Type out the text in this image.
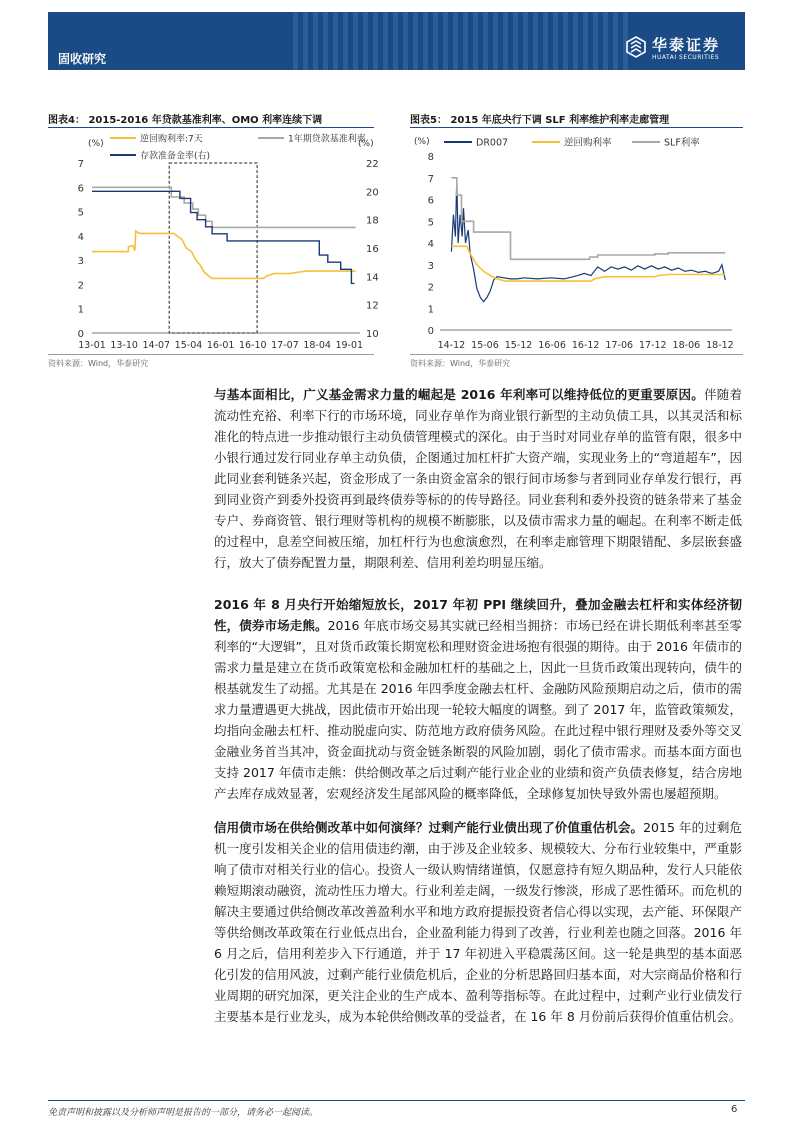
固收研究
华泰证券
HUATAI SECURITIES
图表4： 2015-2016 年贷款基准利率、OMO 利率连续下调
(%)	(%)
0
1
2
3
4
5
6
7
10
12
14
16
18
20
22
13-01 13-10 14-07 15-04 16-01 16-10 17-07 18-04 19-01
逆回购利率:7天	1年期贷款基准利率
存款准备金率(右)
资料来源：Wind，华泰研究
图表5： 2015 年底央行下调 SLF 利率维护利率走廊管理
(%)
0
1
2
3
4
5
6
7
8
14-12 15-06 15-12 16-06 16-12 17-06 17-12 18-06 18-12
DR007	逆回购利率	SLF利率
资料来源：Wind，华泰研究

与基本面相比，广义基金需求力量的崛起是 2016 年利率可以维持低位的更重要原因。伴随着流动性充裕、利率下行的市场环境，同业存单作为商业银行新型的主动负债工具，以其灵活和标准化的特点进一步推动银行主动负债管理模式的深化。由于当时对同业存单的监管有限，很多中小银行通过发行同业存单主动负债，企图通过加杠杆扩大资产端，实现业务上的“弯道超车”，因此同业套利链条兴起，资金形成了一条由资金富余的银行间市场参与者到同业存单发行银行，再到同业资产到委外投资再到最终债券等标的的传导路径。同业套利和委外投资的链条带来了基金专户、券商资管、银行理财等机构的规模不断膨胀，以及债市需求力量的崛起。在利率不断走低的过程中，息差空间被压缩，加杠杆行为也愈演愈烈，在利率走廊管理下期限错配、多层嵌套盛行，放大了债券配置力量，期限利差、信用利差均明显压缩。

2016 年 8 月央行开始缩短放长，2017 年初 PPI 继续回升，叠加金融去杠杆和实体经济韧性，债券市场走熊。2016 年底市场交易其实就已经相当拥挤：市场已经在讲长期低利率甚至零利率的“大逻辑”，且对货币政策长期宽松和理财资金进场抱有很强的期待。由于 2016 年债市的需求力量是建立在货币政策宽松和金融加杠杆的基础之上，因此一旦货币政策出现转向，债牛的根基就发生了动摇。尤其是在 2016 年四季度金融去杠杆、金融防风险预期启动之后，债市的需求力量遭遇更大挑战，因此债市开始出现一轮较大幅度的调整。到了 2017 年，监管政策频发，均指向金融去杠杆、推动脱虚向实、防范地方政府债务风险。在此过程中银行理财及委外等交叉金融业务首当其冲，资金面扰动与资金链条断裂的风险加剧，弱化了债市需求。而基本面方面也支持 2017 年债市走熊：供给侧改革之后过剩产能行业企业的业绩和资产负债表修复，结合房地产去库存成效显著，宏观经济发生尾部风险的概率降低，全球修复加快导致外需也屡超预期。

信用债市场在供给侧改革中如何演绎？过剩产能行业债出现了价值重估机会。2015 年的过剩危机一度引发相关企业的信用债违约潮，由于涉及企业较多、规模较大、分布行业较集中，严重影响了债市对相关行业的信心。投资人一级认购情绪谨慎，仅愿意持有短久期品种，发行人只能依赖短期滚动融资，流动性压力增大。行业利差走阔，一级发行惨淡，形成了恶性循环。而危机的解决主要通过供给侧改革改善盈利水平和地方政府提振投资者信心得以实现，去产能、环保限产等供给侧改革政策在行业低点出台，企业盈利能力得到了改善，行业利差也随之回落。2016 年 6 月之后，信用利差步入下行通道，并于 17 年初进入平稳震荡区间。这一轮是典型的基本面恶化引发的信用风波，过剩产能行业债危机后，企业的分析思路回归基本面，对大宗商品价格和行业周期的研究加深，更关注企业的生产成本、盈利等指标等。在此过程中，过剩产业行业债发行主要基本是行业龙头，成为本轮供给侧改革的受益者，在 16 年 8 月份前后获得价值重估机会。

免责声明和披露以及分析师声明是报告的一部分，请务必一起阅读。	6
